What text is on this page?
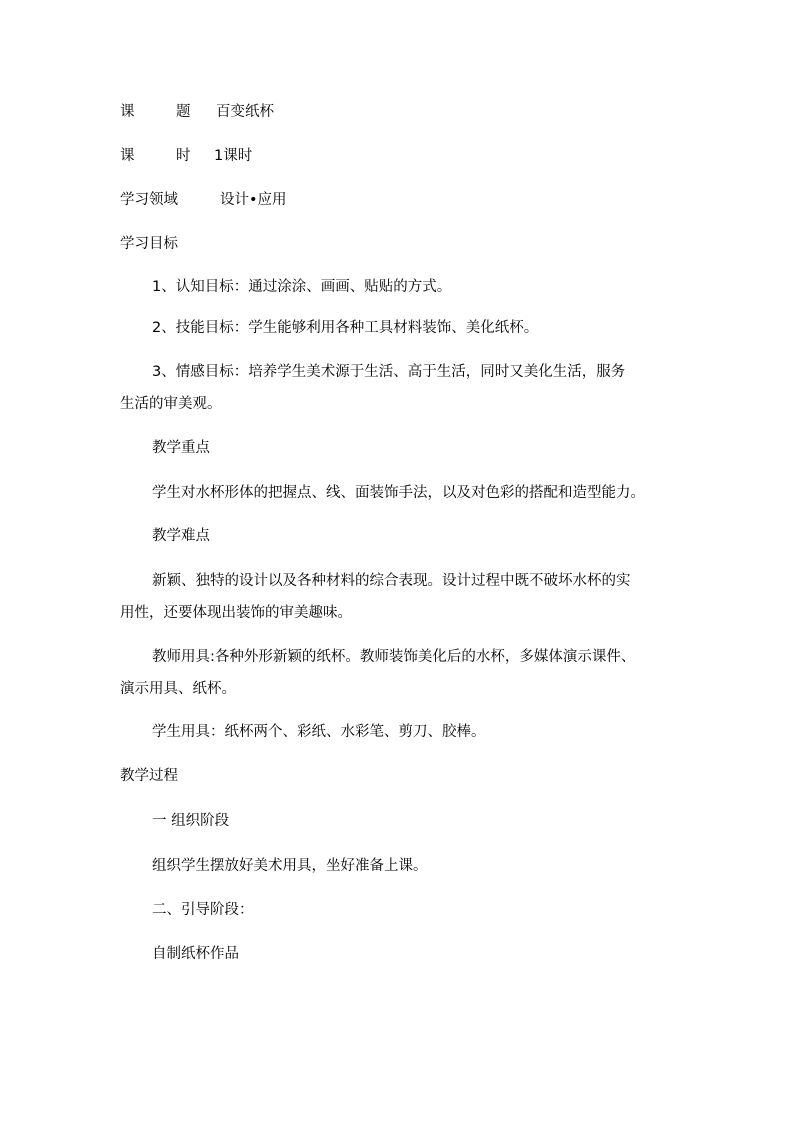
课	题 百变纸杯
课	时 1课时
学习领域	设计•应用
学习目标
1、认知目标：通过涂涂、画画、贴贴的方式。
2、技能目标：学生能够利用各种工具材料装饰、美化纸杯。
3、情感目标：培养学生美术源于生活、高于生活，同时又美化生活，服务
生活的审美观。
教学重点
学生对水杯形体的把握点、线、面装饰手法，以及对色彩的搭配和造型能力。
教学难点
新颖、独特的设计以及各种材料的综合表现。设计过程中既不破坏水杯的实
用性，还要体现出装饰的审美趣味。
教师用具:各种外形新颖的纸杯。教师装饰美化后的水杯，多媒体演示课件、
演示用具、纸杯。
学生用具：纸杯两个、彩纸、水彩笔、剪刀、胶棒。
教学过程
一 组织阶段
组织学生摆放好美术用具，坐好准备上课。
二、引导阶段：
自制纸杯作品
